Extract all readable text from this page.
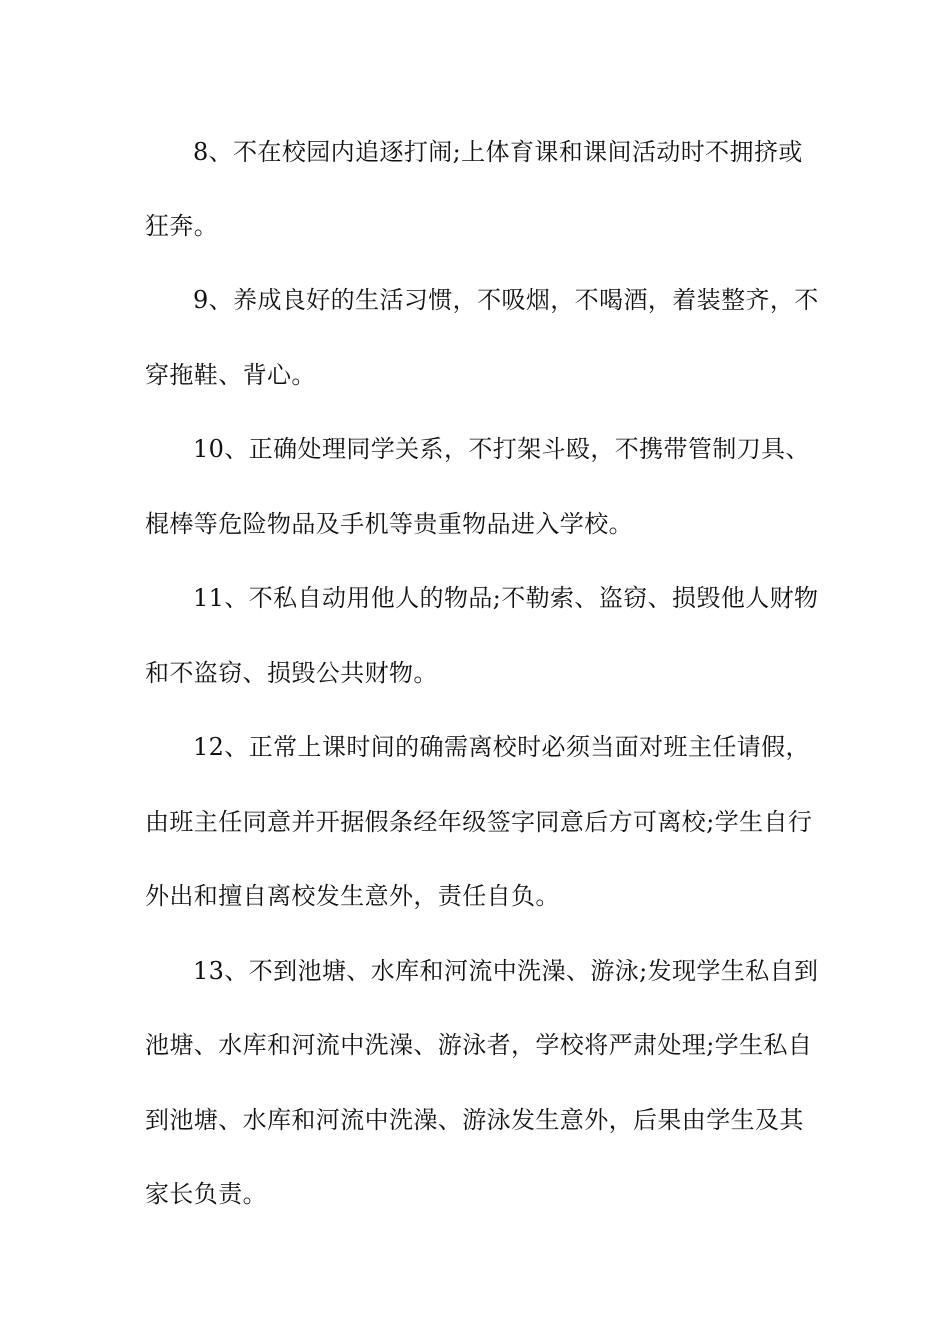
8、不在校园内追逐打闹;上体育课和课间活动时不拥挤或
狂奔。
9、养成良好的生活习惯，不吸烟，不喝酒，着装整齐，不
穿拖鞋、背心。
10、正确处理同学关系，不打架斗殴，不携带管制刀具、
棍棒等危险物品及手机等贵重物品进入学校。
11、不私自动用他人的物品;不勒索、盗窃、损毁他人财物
和不盗窃、损毁公共财物。
12、正常上课时间的确需离校时必须当面对班主任请假，
由班主任同意并开据假条经年级签字同意后方可离校;学生自行
外出和擅自离校发生意外，责任自负。
13、不到池塘、水库和河流中洗澡、游泳;发现学生私自到
池塘、水库和河流中洗澡、游泳者，学校将严肃处理;学生私自
到池塘、水库和河流中洗澡、游泳发生意外，后果由学生及其
家长负责。
